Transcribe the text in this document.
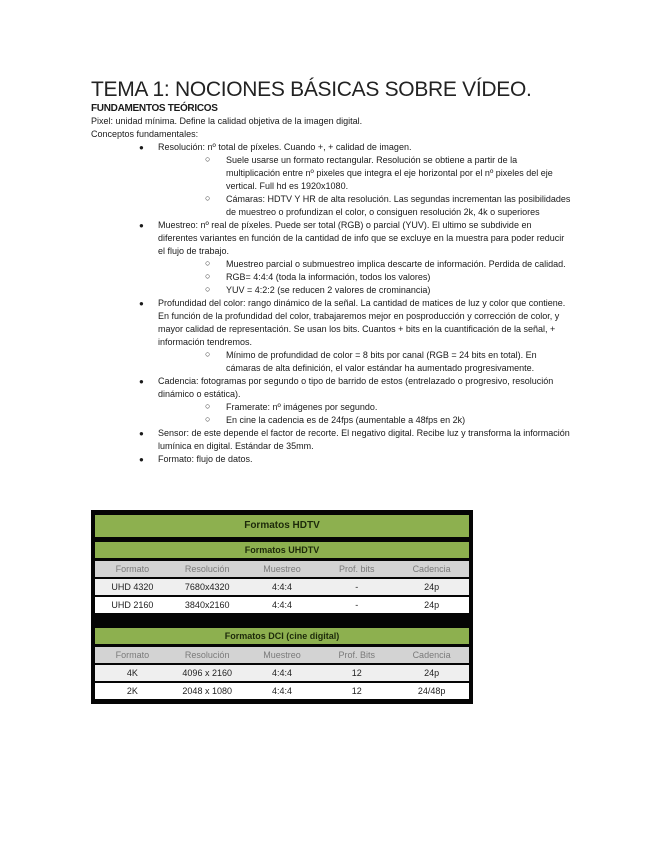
TEMA 1: NOCIONES BÁSICAS SOBRE VÍDEO.

FUNDAMENTOS TEÓRICOS

Pixel: unidad mínima. Define la calidad objetiva de la imagen digital.

Conceptos fundamentales:

● Resolución: nº total de píxeles. Cuando +, + calidad de imagen.
○ Suele usarse un formato rectangular. Resolución se obtiene a partir de la multiplicación entre nº pixeles que integra el eje horizontal por el nº pixeles del eje vertical. Full hd es 1920x1080.
○ Cámaras: HDTV Y HR de alta resolución. Las segundas incrementan las posibilidades de muestreo o profundizan el color, o consiguen resolución 2k, 4k o superiores
● Muestreo: nº real de píxeles. Puede ser total (RGB) o parcial (YUV). El ultimo se subdivide en diferentes variantes en función de la cantidad de info que se excluye en la muestra para poder reducir el flujo de trabajo.
○ Muestreo parcial o submuestreo implica descarte de información. Perdida de calidad.
○ RGB= 4:4:4 (toda la información, todos los valores)
○ YUV = 4:2:2 (se reducen 2 valores de crominancia)
● Profundidad del color: rango dinámico de la señal. La cantidad de matices de luz y color que contiene. En función de la profundidad del color, trabajaremos mejor en posproducción y corrección de color, y mayor calidad de representación. Se usan los bits. Cuantos + bits en la cuantificación de la señal, + información tendremos.
○ Mínimo de profundidad de color = 8 bits por canal (RGB = 24 bits en total). En cámaras de alta definición, el valor estándar ha aumentado progresivamente.
● Cadencia: fotogramas por segundo o tipo de barrido de estos (entrelazado o progresivo, resolución dinámico o estática).
○ Framerate: nº imágenes por segundo.
○ En cine la cadencia es de 24fps (aumentable a 48fps en 2k)
● Sensor: de este depende el factor de recorte. El negativo digital. Recibe luz y transforma la información lumínica en digital. Estándar de 35mm.
● Formato: flujo de datos.
Formatos HDTV
Formatos UHDTV
Formato	Resolución	Muestreo	Prof. bits	Cadencia
UHD 4320	7680x4320	4:4:4	-	24p
UHD 2160	3840x2160	4:4:4	-	24p
Formatos DCI (cine digital)
Formato	Resolución	Muestreo	Prof. Bits	Cadencia
4K	4096 x 2160	4:4:4	12	24p
2K	2048 x 1080	4:4:4	12	24/48p
